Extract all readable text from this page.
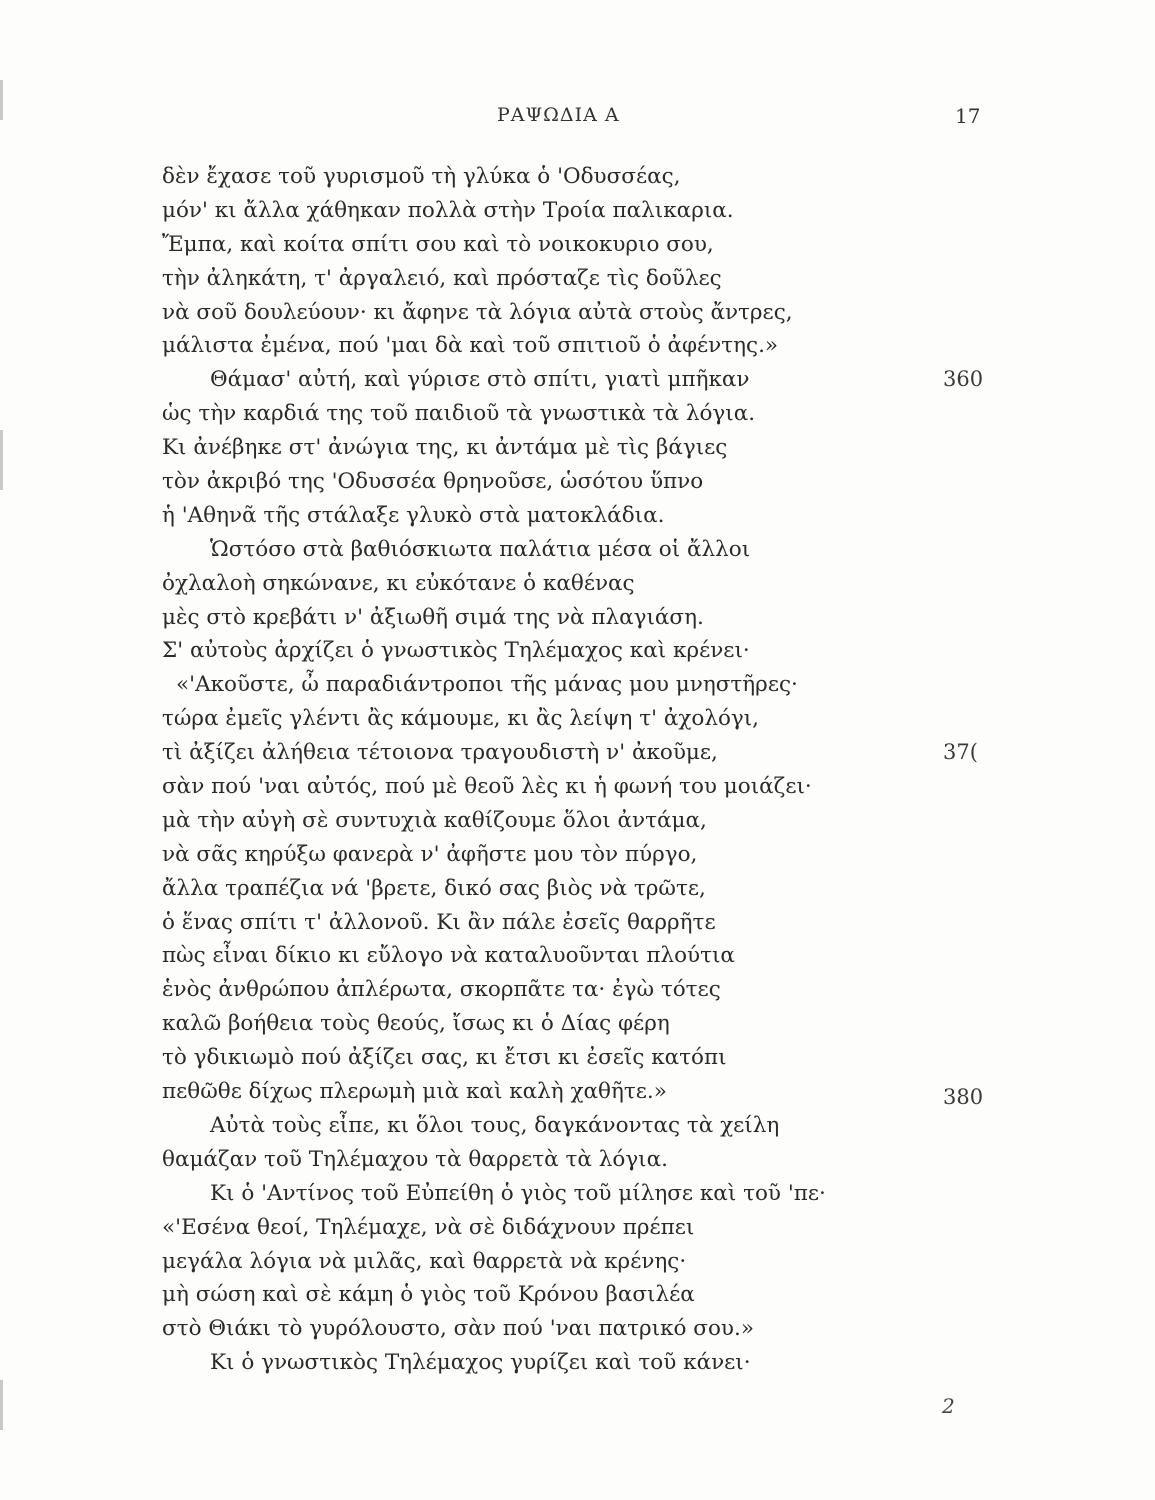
ΡΑΨΩΔΙΑ Α	17
δὲν ἔχασε τοῦ γυρισμοῦ τὴ γλύκα ὁ 'Οδυσσέας,
μόν' κι ἄλλα χάθηκαν πολλὰ στὴν Τροία παλικαρια.
Ἔμπα, καὶ κοίτα σπίτι σου καὶ τὸ νοικοκυριο σου,
τὴν ἀληκάτη, τ' ἀργαλειό, καὶ πρόσταζε τὶς δοῦλες
νὰ σοῦ δουλεύουν· κι ἄφηνε τὰ λόγια αὐτὰ στοὺς ἄντρες,
μάλιστα ἐμένα, πού 'μαι δὰ καὶ τοῦ σπιτιοῦ ὁ ἀφέντης.»
Θάμασ' αὐτή, καὶ γύρισε στὸ σπίτι, γιατὶ μπῆκαν
ὡς τὴν καρδιά της τοῦ παιδιοῦ τὰ γνωστικὰ τὰ λόγια.
Κι ἀνέβηκε στ' ἀνώγια της, κι ἀντάμα μὲ τὶς βάγιες
τὸν ἀκριβό της 'Οδυσσέα θρηνοῦσε, ὡσότου ὕπνο
ἡ 'Αθηνᾶ τῆς στάλαξε γλυκὸ στὰ ματοκλάδια.
Ὡστόσο στὰ βαθιόσκιωτα παλάτια μέσα οἱ ἄλλοι
ὀχλαλοὴ σηκώνανε, κι εὐκότανε ὁ καθένας
μὲς στὸ κρεβάτι ν' ἀξιωθῆ σιμά της νὰ πλαγιάση.
Σ' αὐτοὺς ἀρχίζει ὁ γνωστικὸς Τηλέμαχος καὶ κρένει·
«'Ακοῦστε, ὦ παραδιάντροποι τῆς μάνας μου μνηστῆρες·
τώρα ἐμεῖς γλέντι ἂς κάμουμε, κι ἂς λείψη τ' ἀχολόγι,
τὶ ἀξίζει ἀλήθεια τέτοιονα τραγουδιστὴ ν' ἀκοῦμε,
σὰν πού 'ναι αὐτός, πού μὲ θεοῦ λὲς κι ἡ φωνή του μοιάζει·
μὰ τὴν αὐγὴ σὲ συντυχιὰ καθίζουμε ὅλοι ἀντάμα,
νὰ σᾶς κηρύξω φανερὰ ν' ἀφῆστε μου τὸν πύργο,
ἄλλα τραπέζια νά 'βρετε, δικό σας βιὸς νὰ τρῶτε,
ὁ ἕνας σπίτι τ' ἀλλονοῦ. Κι ἂν πάλε ἐσεῖς θαρρῆτε
πὼς εἶναι δίκιο κι εὔλογο νὰ καταλυοῦνται πλούτια
ἑνὸς ἀνθρώπου ἀπλέρωτα, σκορπᾶτε τα· ἐγὼ τότες
καλῶ βοήθεια τοὺς θεούς, ἴσως κι ὁ Δίας φέρη
τὸ γδικιωμὸ πού ἀξίζει σας, κι ἔτσι κι ἐσεῖς κατόπι
πεθῶθε δίχως πλερωμὴ μιὰ καὶ καλὴ χαθῆτε.»
Αὐτὰ τοὺς εἶπε, κι ὅλοι τους, δαγκάνοντας τὰ χείλη
θαμάζαν τοῦ Τηλέμαχου τὰ θαρρετὰ τὰ λόγια.
Κι ὁ 'Αντίνος τοῦ Εὐπείθη ὁ γιὸς τοῦ μίλησε καὶ τοῦ 'πε·
«'Εσένα θεοί, Τηλέμαχε, νὰ σὲ διδάχνουν πρέπει
μεγάλα λόγια νὰ μιλᾶς, καὶ θαρρετὰ νὰ κρένης·
μὴ σώση καὶ σὲ κάμη ὁ γιὸς τοῦ Κρόνου βασιλέα
στὸ Θιάκι τὸ γυρόλουστο, σὰν πού 'ναι πατρικό σου.»
Κι ὁ γνωστικὸς Τηλέμαχος γυρίζει καὶ τοῦ κάνει·
360
37(
380
2
